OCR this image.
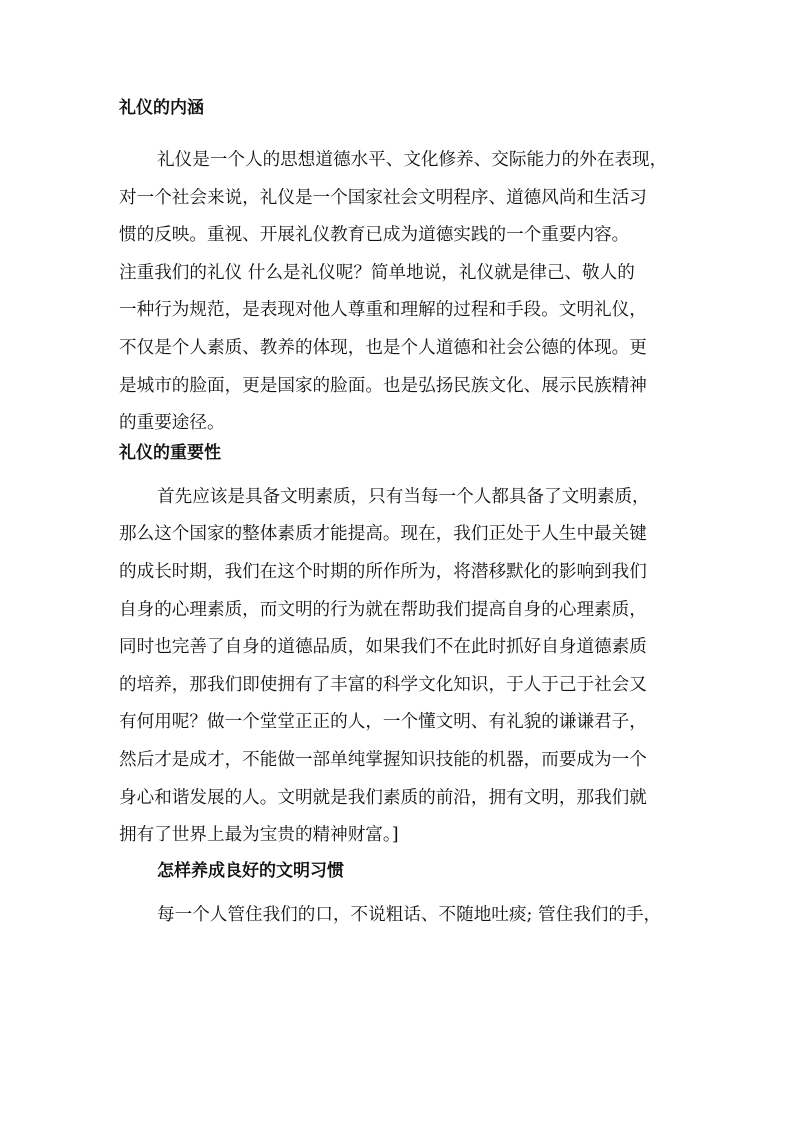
礼仪的内涵
礼仪是一个人的思想道德水平、文化修养、交际能力的外在表现，
对一个社会来说，礼仪是一个国家社会文明程序、道德风尚和生活习
惯的反映。重视、开展礼仪教育已成为道德实践的一个重要内容。
注重我们的礼仪 什么是礼仪呢？简单地说，礼仪就是律己、敬人的
一种行为规范，是表现对他人尊重和理解的过程和手段。文明礼仪，
不仅是个人素质、教养的体现，也是个人道德和社会公德的体现。更
是城市的脸面，更是国家的脸面。也是弘扬民族文化、展示民族精神
的重要途径。
礼仪的重要性
首先应该是具备文明素质，只有当每一个人都具备了文明素质，
那么这个国家的整体素质才能提高。现在，我们正处于人生中最关键
的成长时期，我们在这个时期的所作所为，将潜移默化的影响到我们
自身的心理素质，而文明的行为就在帮助我们提高自身的心理素质，
同时也完善了自身的道德品质，如果我们不在此时抓好自身道德素质
的培养，那我们即使拥有了丰富的科学文化知识，于人于己于社会又
有何用呢？做一个堂堂正正的人，一个懂文明、有礼貌的谦谦君子，
然后才是成才，不能做一部单纯掌握知识技能的机器，而要成为一个
身心和谐发展的人。文明就是我们素质的前沿，拥有文明，那我们就
拥有了世界上最为宝贵的精神财富。]
怎样养成良好的文明习惯
每一个人管住我们的口，不说粗话、不随地吐痰; 管住我们的手，
